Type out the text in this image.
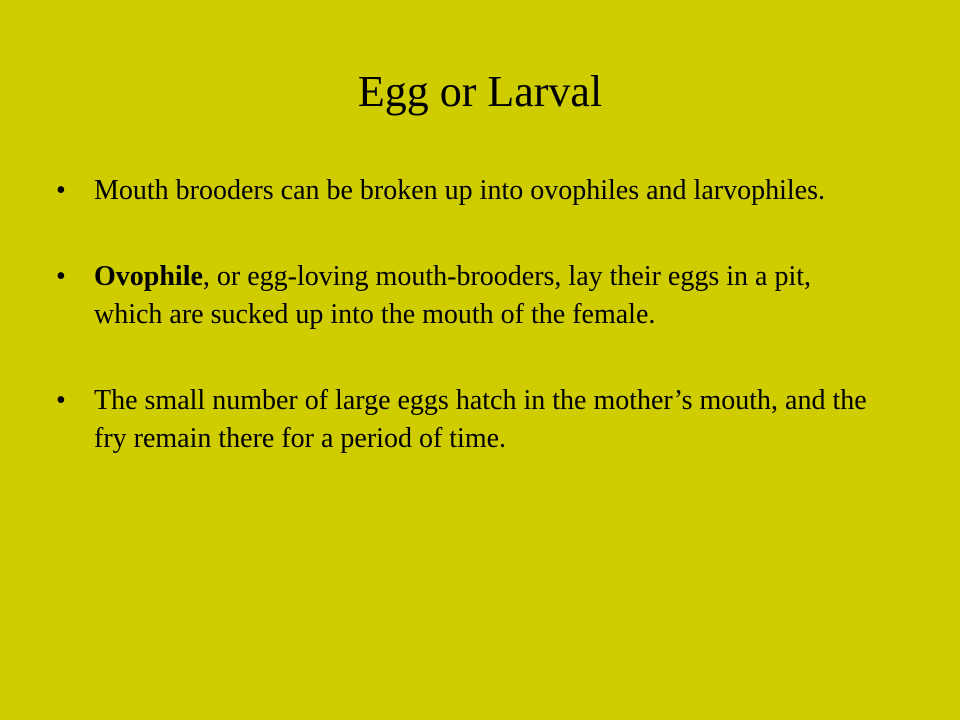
Egg or Larval
•	Mouth brooders can be broken up into ovophiles and larvophiles.
•	Ovophile, or egg-loving mouth-brooders, lay their eggs in a pit, which are sucked up into the mouth of the female.
•	The small number of large eggs hatch in the mother’s mouth, and the fry remain there for a period of time.
